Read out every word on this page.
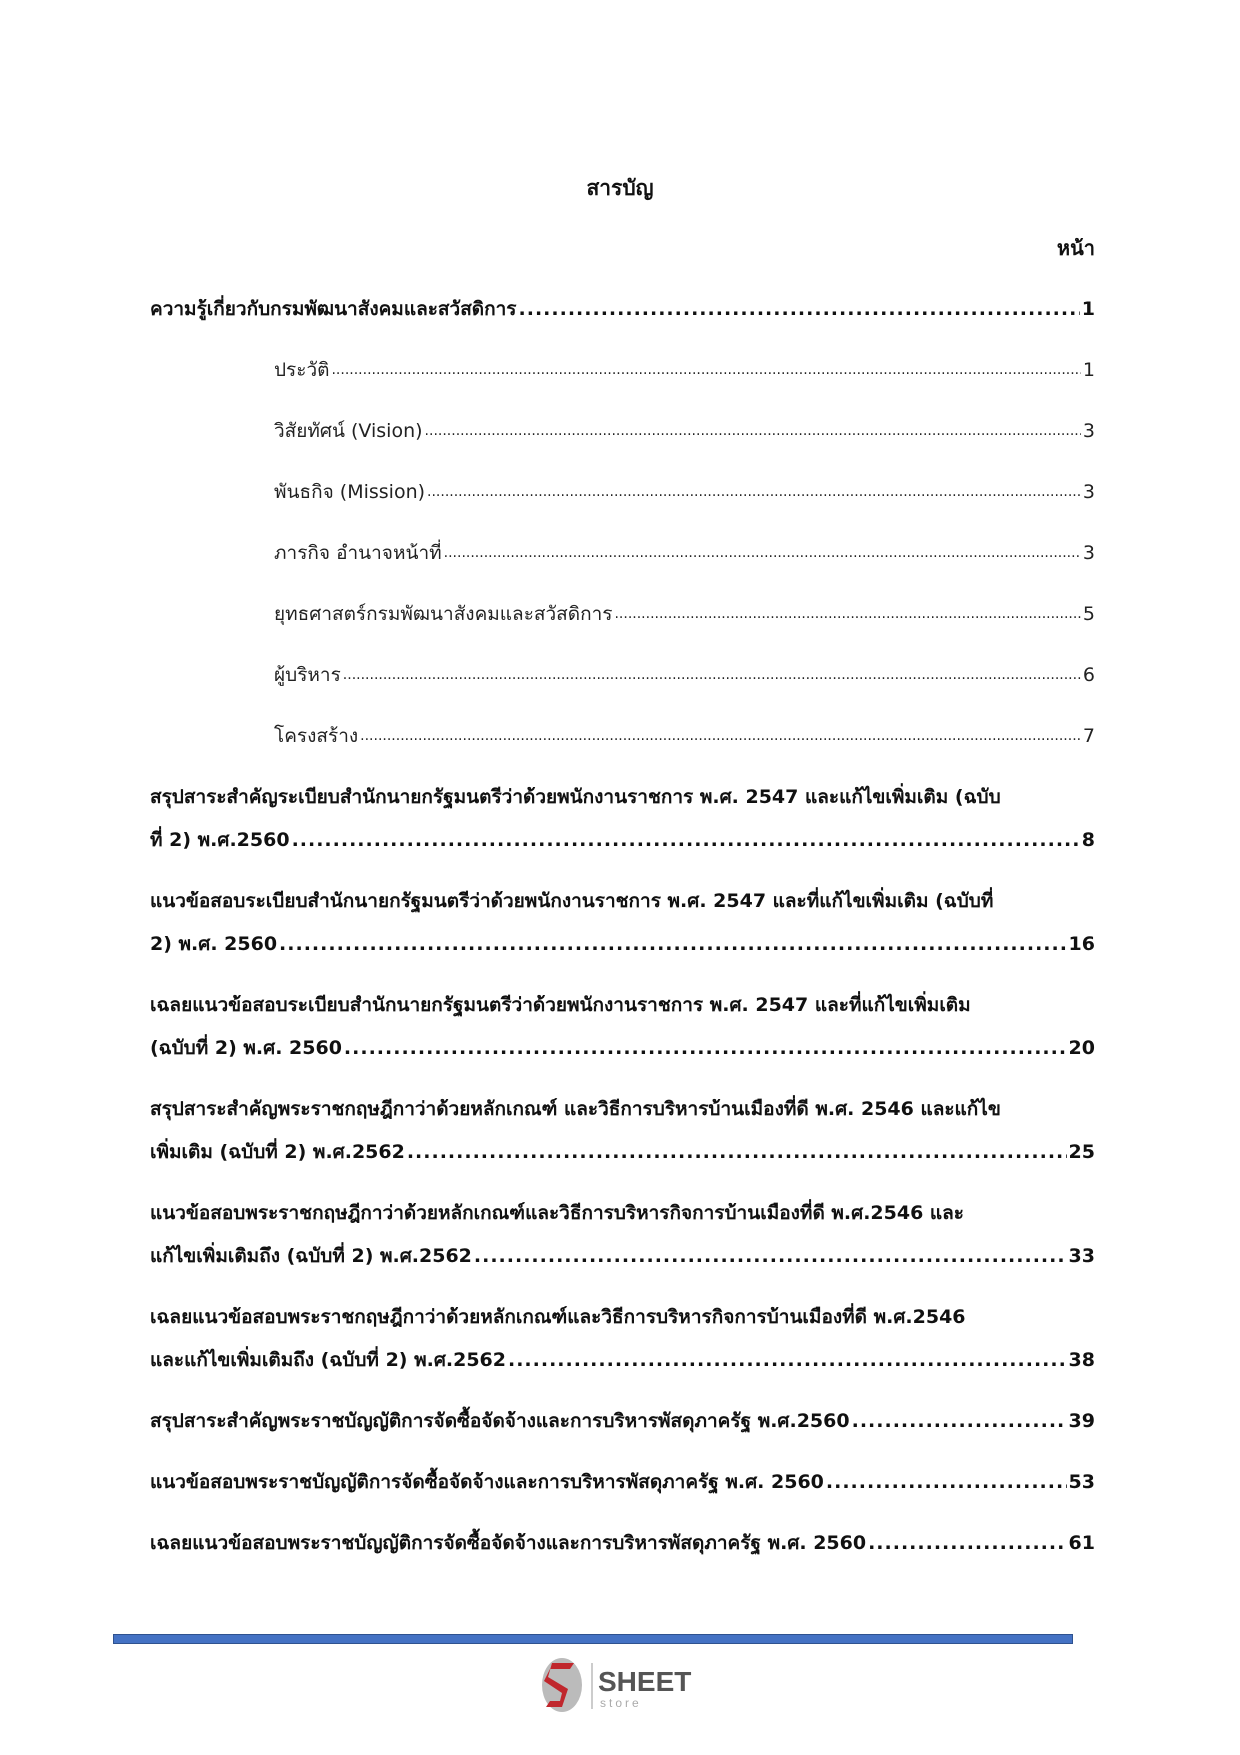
สารบัญ
หน้า
ความรู้เกี่ยวกับกรมพัฒนาสังคมและสวัสดิการ .....	1
ประวัติ .....	1
วิสัยทัศน์ (Vision) .....	3
พันธกิจ (Mission) .....	3
ภารกิจ อำนาจหน้าที่ .....	3
ยุทธศาสตร์กรมพัฒนาสังคมและสวัสดิการ .....	5
ผู้บริหาร .....	6
โครงสร้าง .....	7
สรุปสาระสำคัญระเบียบสำนักนายกรัฐมนตรีว่าด้วยพนักงานราชการ พ.ศ. 2547 และแก้ไขเพิ่มเติม (ฉบับ
ที่ 2) พ.ศ.2560 .....	8
แนวข้อสอบระเบียบสำนักนายกรัฐมนตรีว่าด้วยพนักงานราชการ พ.ศ. 2547 และที่แก้ไขเพิ่มเติม (ฉบับที่
2) พ.ศ. 2560 .....	16
เฉลยแนวข้อสอบระเบียบสำนักนายกรัฐมนตรีว่าด้วยพนักงานราชการ พ.ศ. 2547 และที่แก้ไขเพิ่มเติม
(ฉบับที่ 2) พ.ศ. 2560 .....	20
สรุปสาระสำคัญพระราชกฤษฎีกาว่าด้วยหลักเกณฑ์ และวิธีการบริหารบ้านเมืองที่ดี พ.ศ. 2546 และแก้ไข
เพิ่มเติม (ฉบับที่ 2) พ.ศ.2562 .....	25
แนวข้อสอบพระราชกฤษฎีกาว่าด้วยหลักเกณฑ์และวิธีการบริหารกิจการบ้านเมืองที่ดี พ.ศ.2546 และ
แก้ไขเพิ่มเติมถึง (ฉบับที่ 2) พ.ศ.2562 .....	33
เฉลยแนวข้อสอบพระราชกฤษฎีกาว่าด้วยหลักเกณฑ์และวิธีการบริหารกิจการบ้านเมืองที่ดี พ.ศ.2546
และแก้ไขเพิ่มเติมถึง (ฉบับที่ 2) พ.ศ.2562 .....	38
สรุปสาระสำคัญพระราชบัญญัติการจัดซื้อจัดจ้างและการบริหารพัสดุภาครัฐ พ.ศ.2560 .....	39
แนวข้อสอบพระราชบัญญัติการจัดซื้อจัดจ้างและการบริหารพัสดุภาครัฐ พ.ศ. 2560 .....	53
เฉลยแนวข้อสอบพระราชบัญญัติการจัดซื้อจัดจ้างและการบริหารพัสดุภาครัฐ พ.ศ. 2560 .....	61
SHEET
store
